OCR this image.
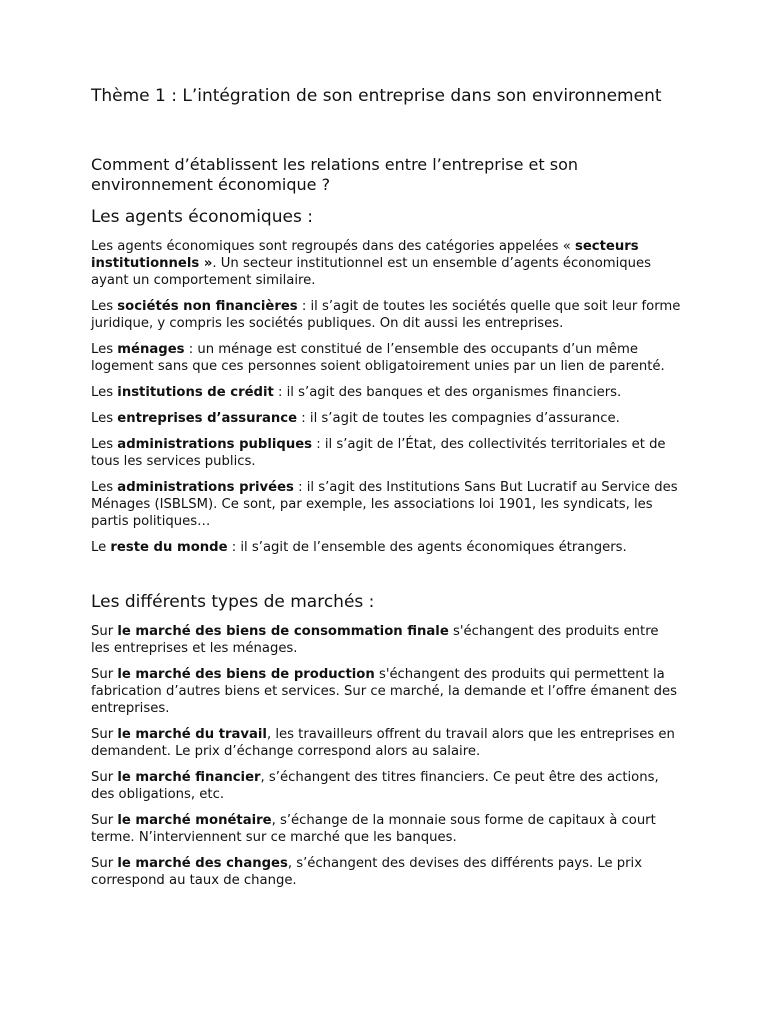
Thème 1 : L’intégration de son entreprise dans son environnement
Comment d’établissent les relations entre l’entreprise et son environnement économique ?
Les agents économiques :

Les agents économiques sont regroupés dans des catégories appelées « secteurs institutionnels ». Un secteur institutionnel est un ensemble d’agents économiques ayant un comportement similaire.

Les sociétés non financières : il s’agit de toutes les sociétés quelle que soit leur forme juridique, y compris les sociétés publiques. On dit aussi les entreprises.

Les ménages : un ménage est constitué de l’ensemble des occupants d’un même logement sans que ces personnes soient obligatoirement unies par un lien de parenté.

Les institutions de crédit : il s’agit des banques et des organismes financiers.

Les entreprises d’assurance : il s’agit de toutes les compagnies d’assurance.

Les administrations publiques : il s’agit de l’État, des collectivités territoriales et de tous les services publics.

Les administrations privées : il s’agit des Institutions Sans But Lucratif au Service des Ménages (ISBLSM). Ce sont, par exemple, les associations loi 1901, les syndicats, les partis politiques…

Le reste du monde : il s’agit de l’ensemble des agents économiques étrangers.

Les différents types de marchés :

Sur le marché des biens de consommation finale s'échangent des produits entre les entreprises et les ménages.

Sur le marché des biens de production s'échangent des produits qui permettent la fabrication d’autres biens et services. Sur ce marché, la demande et l’offre émanent des entreprises.

Sur le marché du travail, les travailleurs offrent du travail alors que les entreprises en demandent. Le prix d’échange correspond alors au salaire.

Sur le marché financier, s’échangent des titres financiers. Ce peut être des actions, des obligations, etc.

Sur le marché monétaire, s’échange de la monnaie sous forme de capitaux à court terme. N’interviennent sur ce marché que les banques.

Sur le marché des changes, s’échangent des devises des différents pays. Le prix correspond au taux de change.
